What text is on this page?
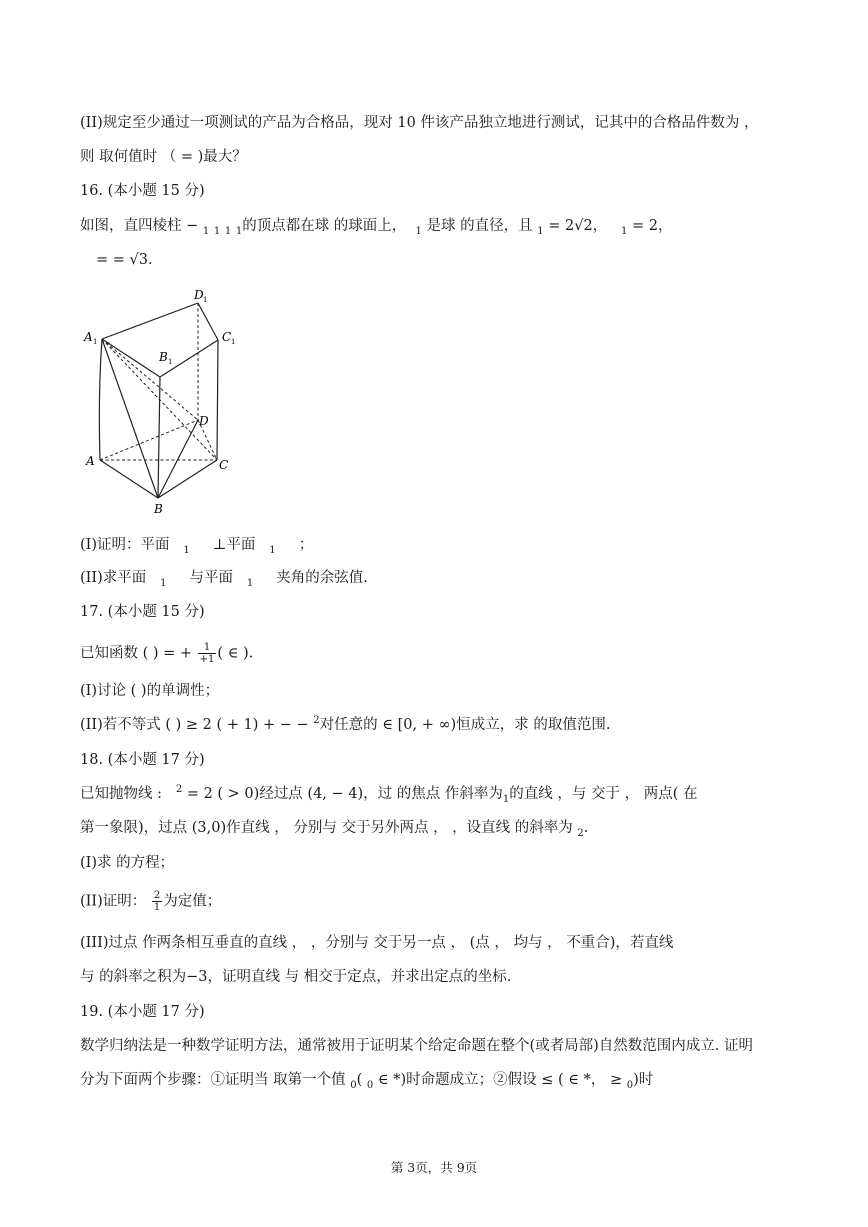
(II)规定至少通过一项测试的产品为合格品，现对 10 件该产品独立地进行测试，记其中的合格品件数为 ，
则 取何值时 （ = )最大？
16. (本小题 15 分)
如图，直四棱柱 − $_1$ $_1$ $_1$ $_1$的顶点都在球 的球面上， $_1$ 是球 的直径，且 $_1$ = 2√2， $_1$ = 2，
= = √3.
A 1
B 1
C 1
D 1
A
B
C
D
(I)证明：平面 $_1$ ⊥平面 $_1$ ；
(II)求平面 $_1$ 与平面 $_1$ 夹角的余弦值.
17. (本小题 15 分)
已知函数 ( ) = + $\frac{1}{+1}$ ( ∈ ).
(I)讨论 ( )的单调性；
(II)若不等式 ( ) ≥ 2 ( + 1) + − − $^2$对任意的 ∈ [0, + ∞)恒成立，求 的取值范围.
18. (本小题 17 分)
已知抛物线 : $^2$ = 2 ( > 0)经过点 (4, − 4)，过 的焦点 作斜率为$_1$的直线 ，与 交于 ， 两点( 在
第一象限)，过点 (3,0)作直线 ， 分别与 交于另外两点 ， ，设直线 的斜率为 $_2$.
(I)求 的方程；
(II)证明： $\frac{2}{1}$ 为定值；
(III)过点 作两条相互垂直的直线 ， ，分别与 交于另一点 ， (点 ， 均与 ， 不重合)，若直线
与 的斜率之积为−3，证明直线 与 相交于定点，并求出定点的坐标.
19. (本小题 17 分)
数学归纳法是一种数学证明方法，通常被用于证明某个给定命题在整个(或者局部)自然数范围内成立. 证明
分为下面两个步骤：①证明当 取第一个值 $_0$( $_0$ ∈ *)时命题成立；②假设 ≤ ( ∈ *， ≥ $_0$)时
第 3页，共 9页
